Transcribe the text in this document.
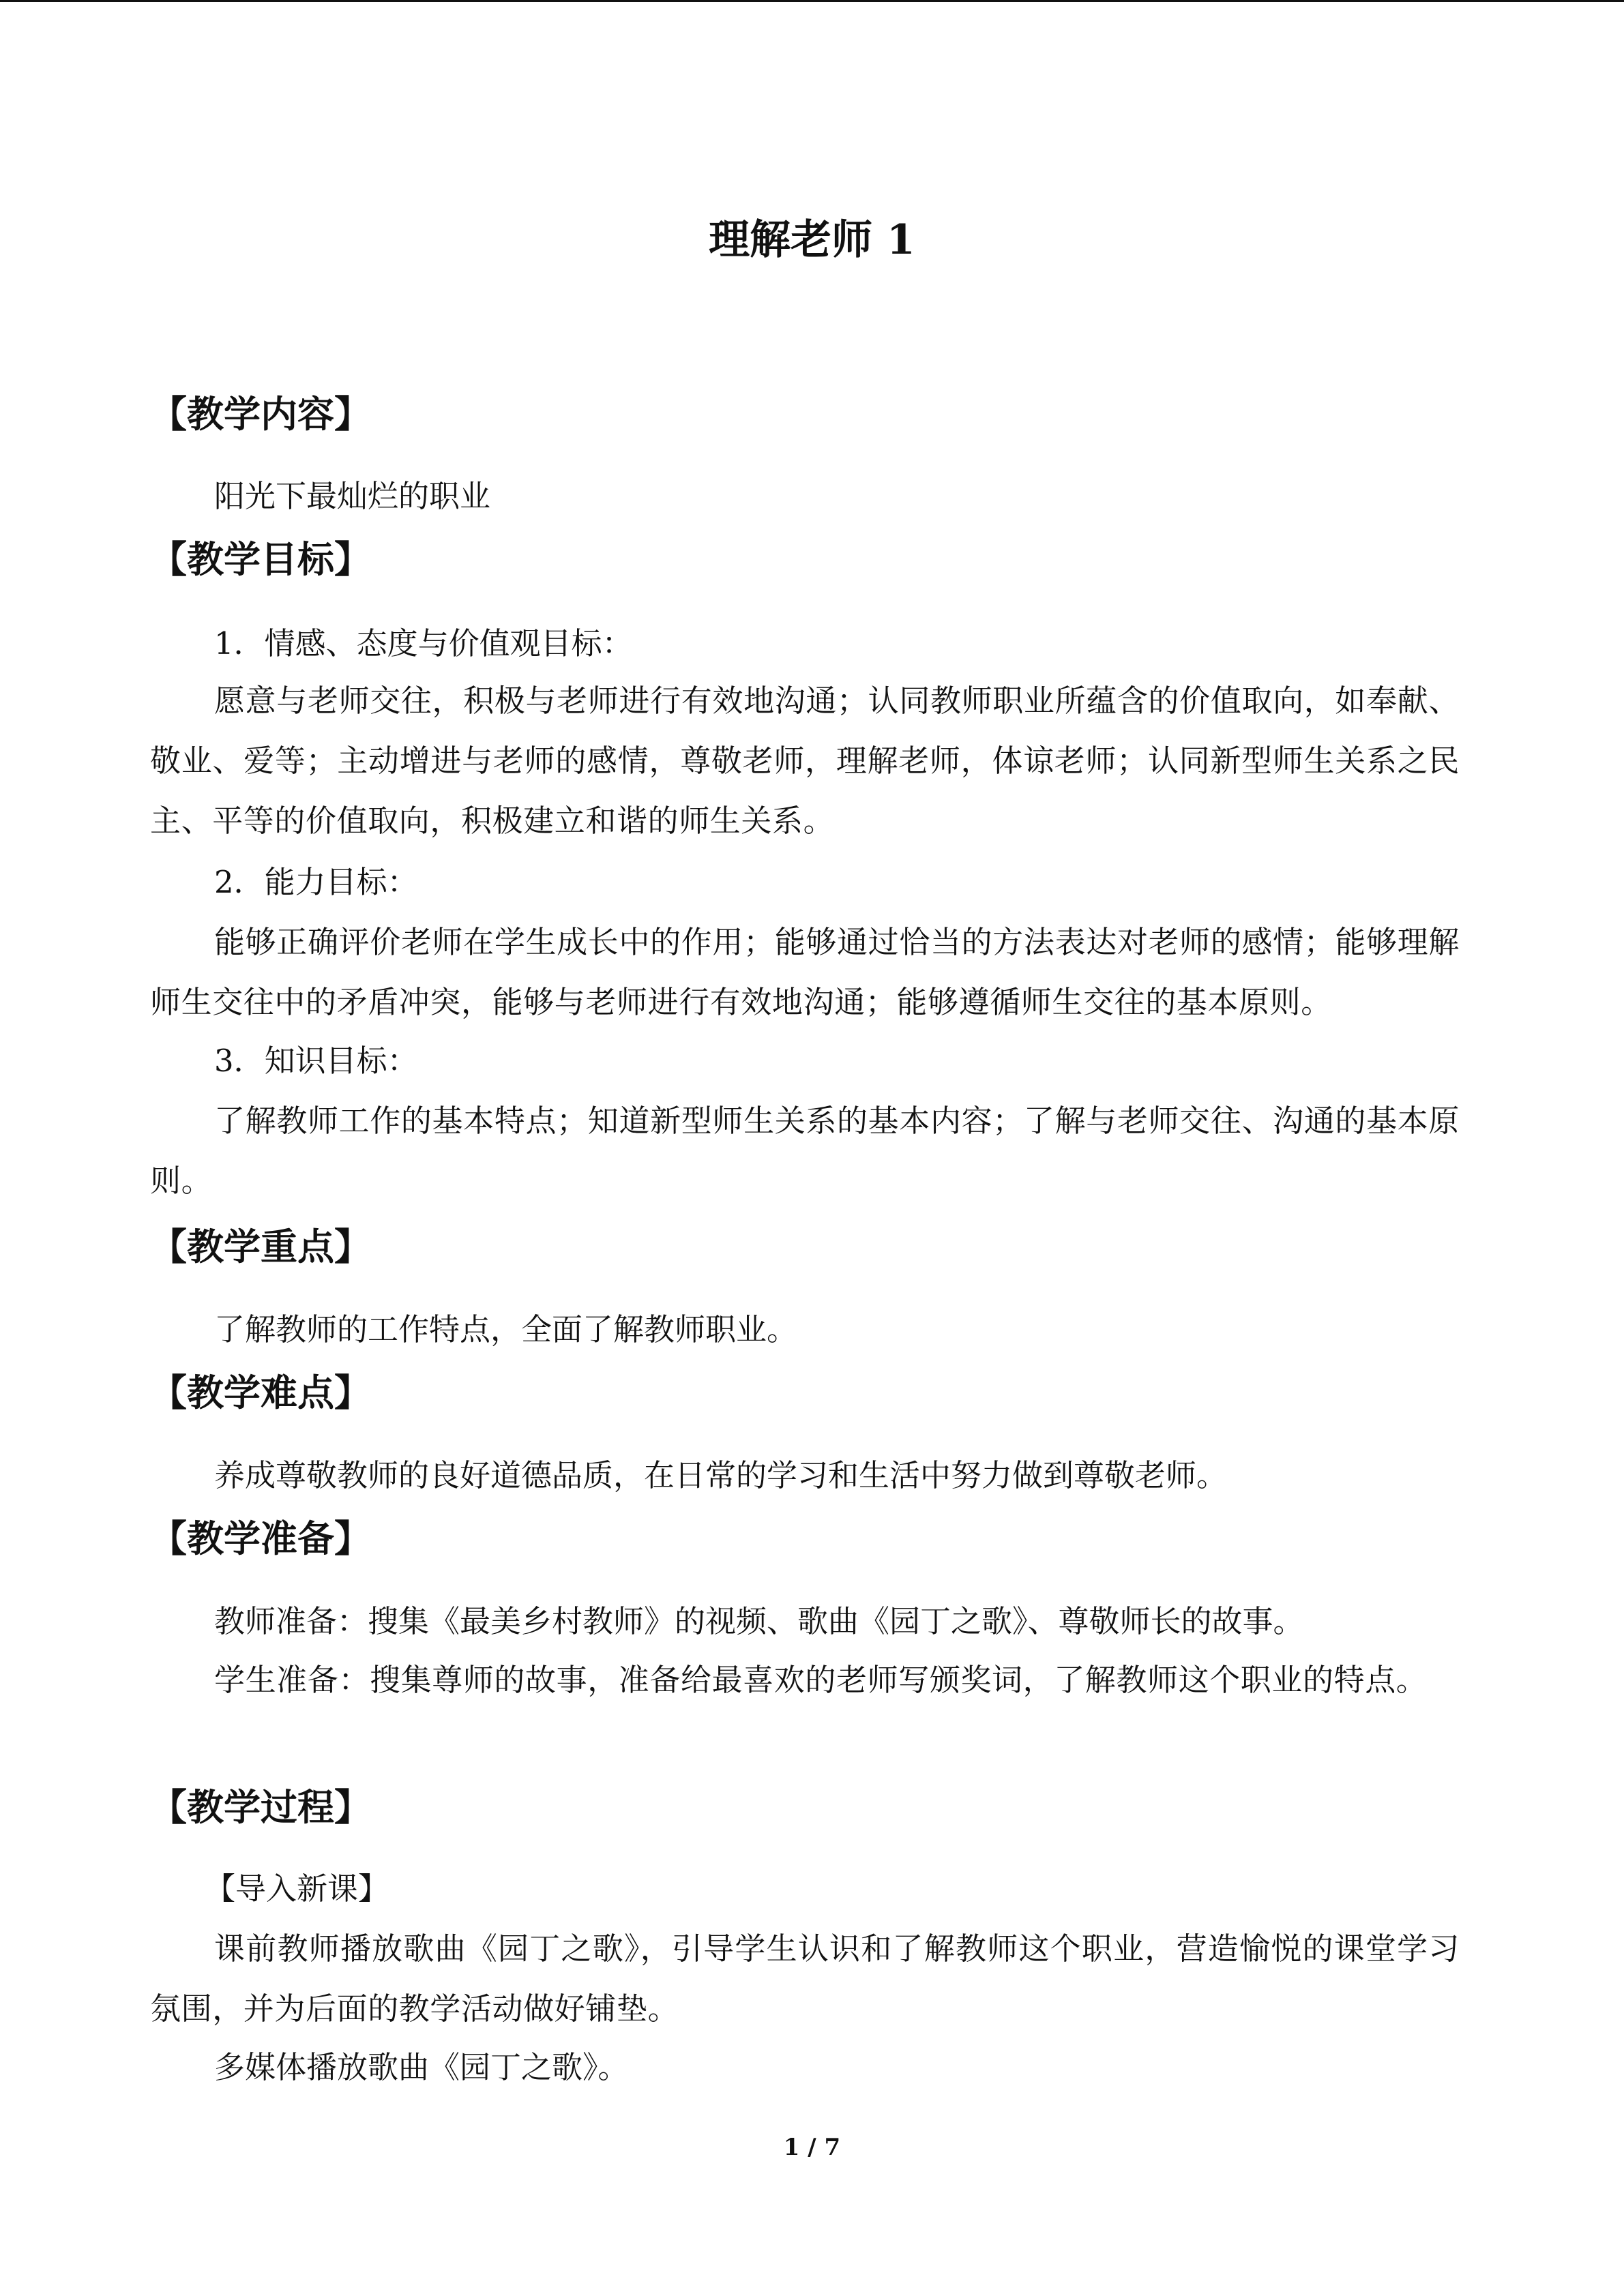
理解老师 1
【教学内容】
阳光下最灿烂的职业
【教学目标】
1．情感、态度与价值观目标：

愿意与老师交往，积极与老师进行有效地沟通；认同教师职业所蕴含的价值取向，如奉献、敬业、爱等；主动增进与老师的感情，尊敬老师，理解老师，体谅老师；认同新型师生关系之民主、平等的价值取向，积极建立和谐的师生关系。

2．能力目标：

能够正确评价老师在学生成长中的作用；能够通过恰当的方法表达对老师的感情；能够理解师生交往中的矛盾冲突，能够与老师进行有效地沟通；能够遵循师生交往的基本原则。

3．知识目标：

了解教师工作的基本特点；知道新型师生关系的基本内容；了解与老师交往、沟通的基本原则。

【教学重点】
了解教师的工作特点，全面了解教师职业。
【教学难点】
养成尊敬教师的良好道德品质，在日常的学习和生活中努力做到尊敬老师。
【教学准备】
教师准备：搜集《最美乡村教师》的视频、歌曲《园丁之歌》、尊敬师长的故事。

学生准备：搜集尊师的故事，准备给最喜欢的老师写颁奖词，了解教师这个职业的特点。

【教学过程】
【导入新课】

课前教师播放歌曲《园丁之歌》，引导学生认识和了解教师这个职业，营造愉悦的课堂学习氛围，并为后面的教学活动做好铺垫。

多媒体播放歌曲《园丁之歌》。
1 / 7
